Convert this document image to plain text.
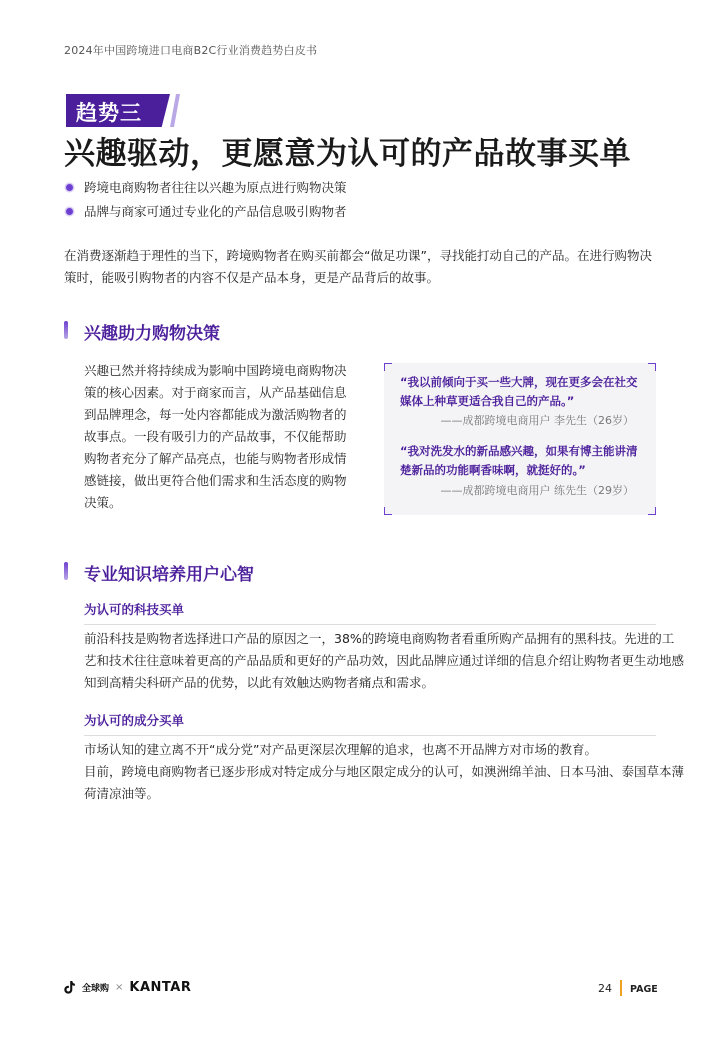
2024年中国跨境进口电商B2C行业消费趋势白皮书
趋势三
兴趣驱动，更愿意为认可的产品故事买单
跨境电商购物者往往以兴趣为原点进行购物决策
品牌与商家可通过专业化的产品信息吸引购物者
在消费逐渐趋于理性的当下，跨境购物者在购买前都会“做足功课”，寻找能打动自己的产品。在进行购物决策时，能吸引购物者的内容不仅是产品本身，更是产品背后的故事。
兴趣助力购物决策
兴趣已然并将持续成为影响中国跨境电商购物决策的核心因素。对于商家而言，从产品基础信息到品牌理念，每一处内容都能成为激活购物者的故事点。一段有吸引力的产品故事，不仅能帮助购物者充分了解产品亮点，也能与购物者形成情感链接，做出更符合他们需求和生活态度的购物决策。
“我以前倾向于买一些大牌，现在更多会在社交媒体上种草更适合我自己的产品。”
——成都跨境电商用户 李先生（26岁）
“我对洗发水的新品感兴趣，如果有博主能讲清楚新品的功能啊香味啊，就挺好的。”
——成都跨境电商用户 练先生（29岁）
专业知识培养用户心智
为认可的科技买单
前沿科技是购物者选择进口产品的原因之一，38%的跨境电商购物者看重所购产品拥有的黑科技。先进的工艺和技术往往意味着更高的产品品质和更好的产品功效，因此品牌应通过详细的信息介绍让购物者更生动地感知到高精尖科研产品的优势，以此有效触达购物者痛点和需求。
为认可的成分买单
市场认知的建立离不开“成分党”对产品更深层次理解的追求，也离不开品牌方对市场的教育。
目前，跨境电商购物者已逐步形成对特定成分与地区限定成分的认可，如澳洲绵羊油、日本马油、泰国草本薄荷清凉油等。
全球购 × KANTAR	24 PAGE
